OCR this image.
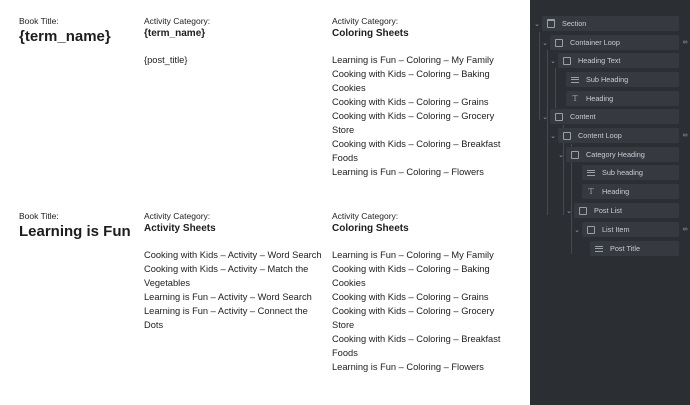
Book Title:
{term_name}
Activity Category:
{term_name}
{post_title}
Activity Category:
Coloring Sheets
Learning is Fun – Coloring – My Family
Cooking with Kids – Coloring – Baking Cookies
Cooking with Kids – Coloring – Grains
Cooking with Kids – Coloring – Grocery Store
Cooking with Kids – Coloring – Breakfast Foods
Learning is Fun – Coloring – Flowers
Book Title:
Learning is Fun
Activity Category:
Activity Sheets
Cooking with Kids – Activity – Word Search
Cooking with Kids – Activity – Match the Vegetables
Learning is Fun – Activity – Word Search
Learning is Fun – Activity – Connect the Dots
Activity Category:
Coloring Sheets
Learning is Fun – Coloring – My Family
Cooking with Kids – Coloring – Baking Cookies
Cooking with Kids – Coloring – Grains
Cooking with Kids – Coloring – Grocery Store
Cooking with Kids – Coloring – Breakfast Foods
Learning is Fun – Coloring – Flowers
⌄	Section
⌄	Container Loop	∞
⌄	Heading Text
Sub Heading
T Heading
⌄	Content
⌄	Content Loop	∞
⌄	Category Heading
Sub heading
T Heading
⌄	Post List
⌄	List Item	∞
Post Title
